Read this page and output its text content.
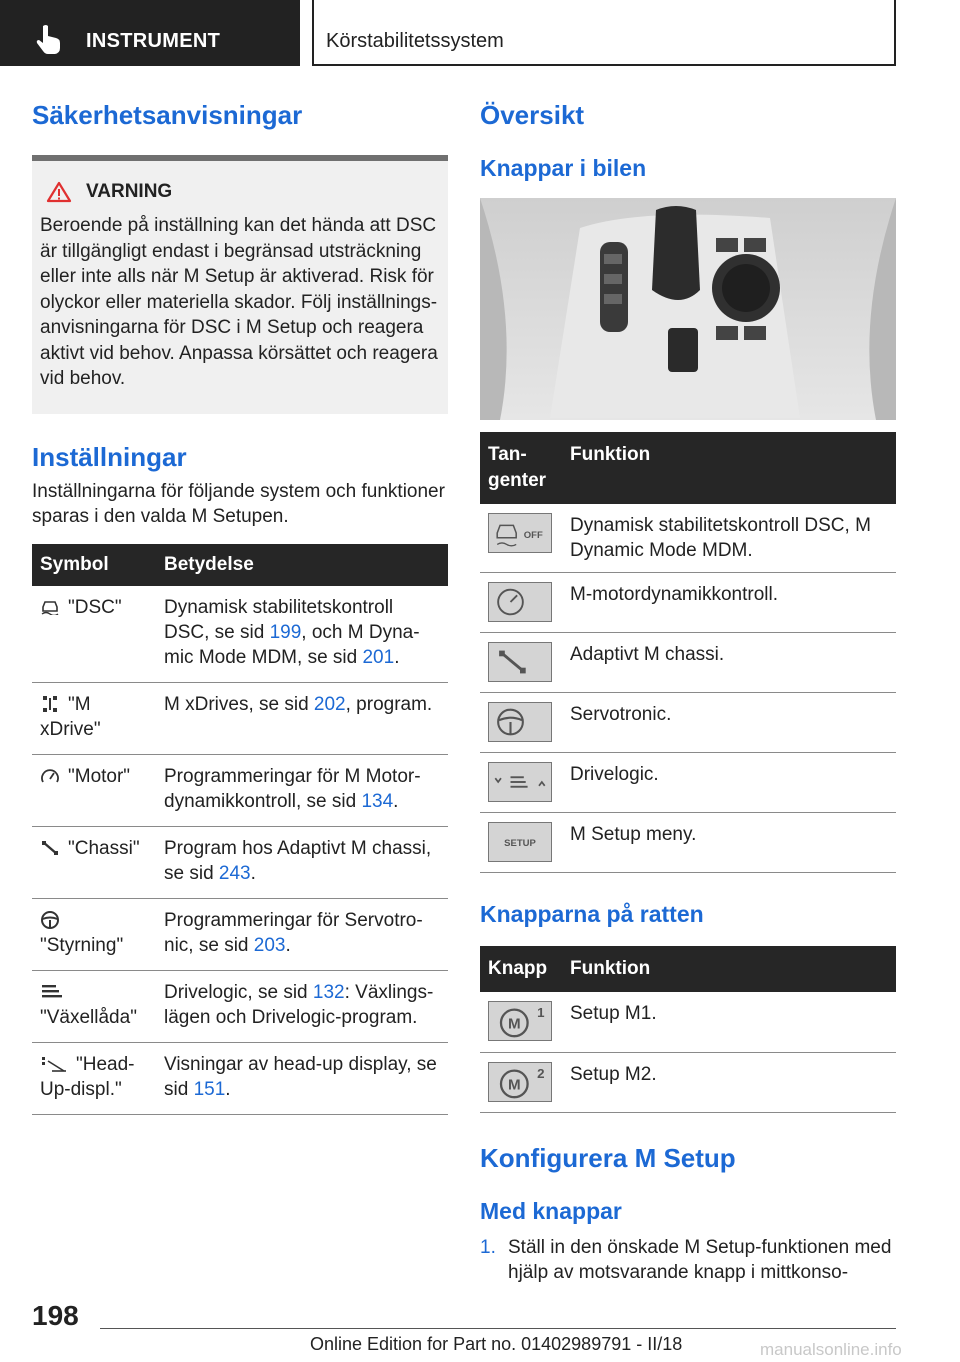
INSTRUMENT	Körstabilitetssystem
Säkerhetsanvisningar
VARNING

Beroende på inställning kan det hända att DSC är tillgängligt endast i begränsad utsträckning eller inte alls när M Setup är aktiverad. Risk för olyckor eller materiella skador. Följ inställnings-anvisningarna för DSC i M Setup och reagera aktivt vid behov. Anpassa körsättet och reagera vid behov.

Inställningar

Inställningarna för följande system och funktioner sparas i den valda M Setupen.

Symbol	Betydelse
"DSC"	Dynamisk stabilitetskontroll DSC, se sid 199, och M Dyna-mic Mode MDM, se sid 201.
"M xDrive"	M xDrives, se sid 202, program.
"Motor"	Programmeringar för M Motor-dynamikkontroll, se sid 134.
"Chassi"	Program hos Adaptivt M chassi, se sid 243.

"Styrning"	Programmeringar för Servotro-nic, se sid 203.

"Växellåda"	Drivelogic, se sid 132: Växlings-lägen och Drivelogic-program.
"Head-Up-displ."	Visningar av head-up display, se sid 151.
Översikt
Knappar i bilen
Tan-genter	Funktion

OFF	Dynamisk stabilitetskontroll DSC, M Dynamic Mode MDM.

	M-motordynamikkontroll.

	Adaptivt M chassi.

	Servotronic.

	Drivelogic.

SETUP	M Setup meny.
Knapparna på ratten
Knapp	Funktion

M
1	Setup M1.

M
2	Setup M2.
Konfigurera M Setup
Med knappar
1. Ställ in den önskade M Setup-funktionen med hjälp av motsvarande knapp i mittkonso-
198
Online Edition for Part no. 01402989791 - II/18	manualsonline.info
